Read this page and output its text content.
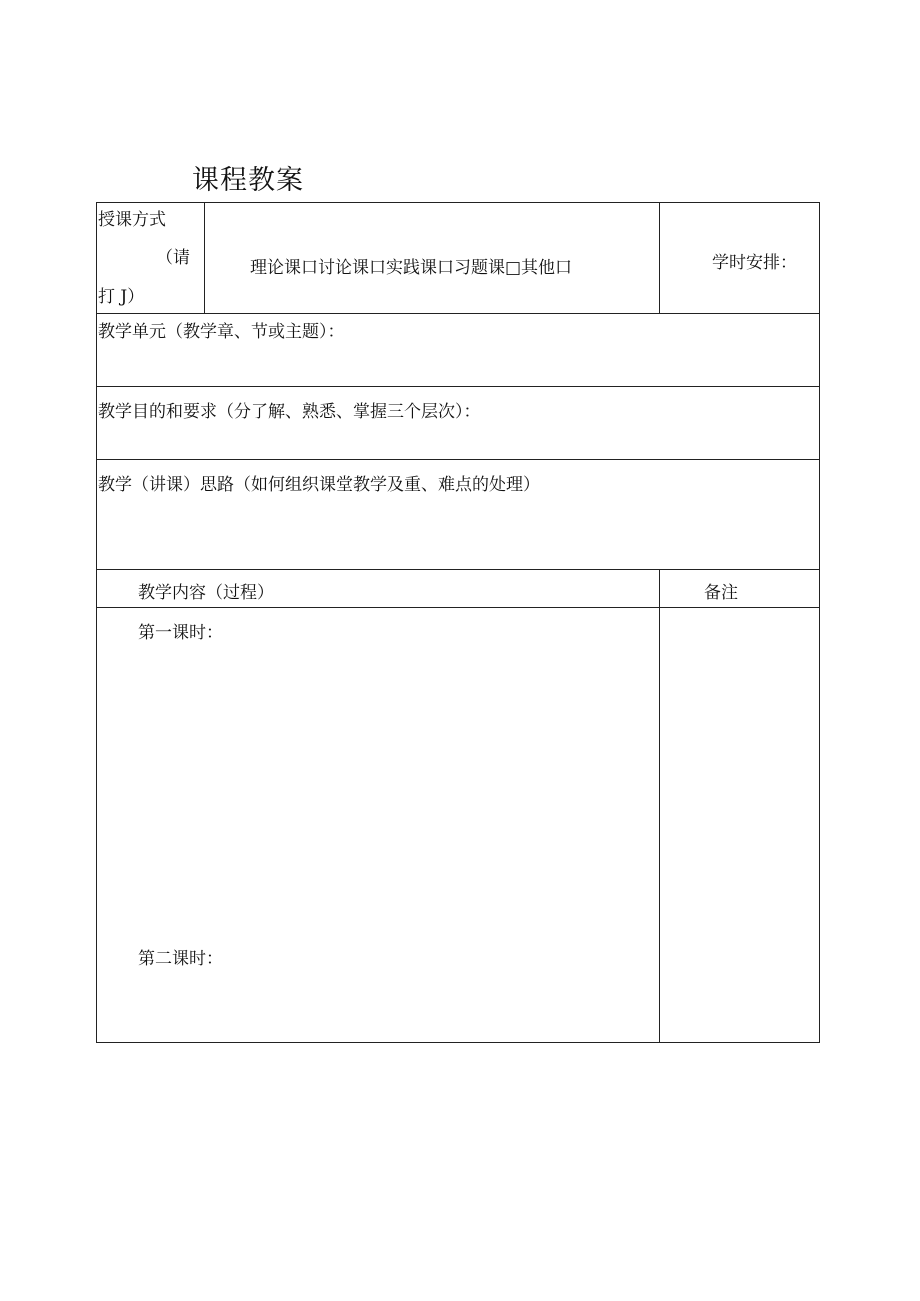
课程教案
授课方式
（请
打 J）
理论课口讨论课口实践课口习题课□其他口	学时安排：
教学单元（教学章、节或主题）：
教学目的和要求（分了解、熟悉、掌握三个层次）：
教学（讲课）思路（如何组织课堂教学及重、难点的处理）
教学内容（过程）	备注
第一课时：
第二课时：
